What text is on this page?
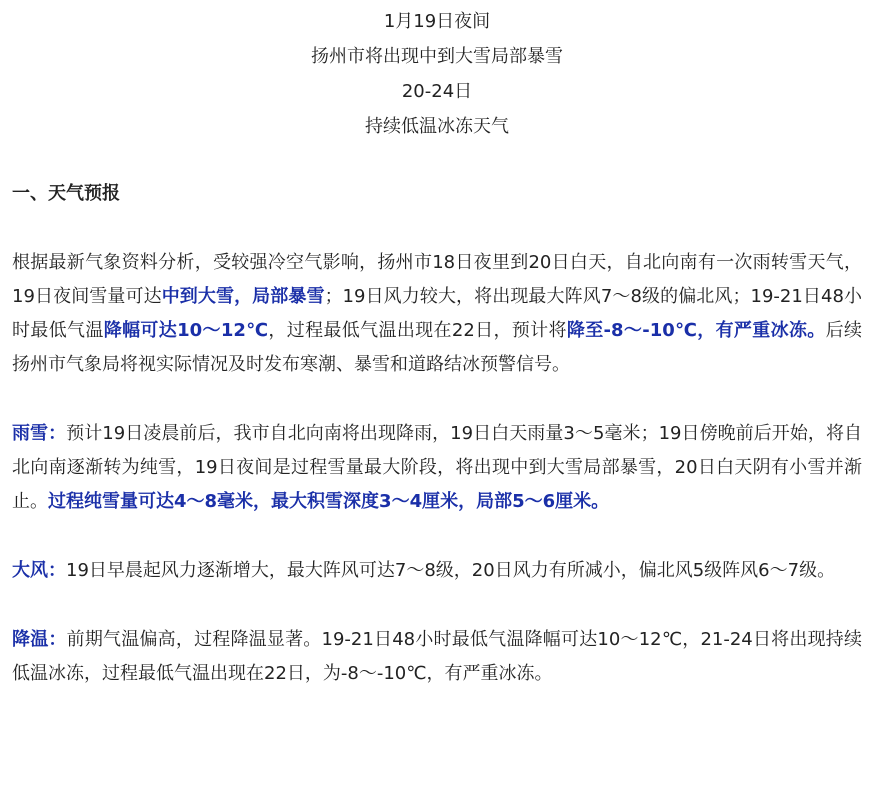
1月19日夜间
扬州市将出现中到大雪局部暴雪
20-24日
持续低温冰冻天气
一、天气预报

根据最新气象资料分析，受较强冷空气影响，扬州市18日夜里到20日白天，自北向南有一次雨转雪天气，19日夜间雪量可达中到大雪，局部暴雪；19日风力较大，将出现最大阵风7～8级的偏北风；19-21日48小时最低气温降幅可达10～12℃，过程最低气温出现在22日，预计将降至-8～-10℃，有严重冰冻。后续扬州市气象局将视实际情况及时发布寒潮、暴雪和道路结冰预警信号。

雨雪：预计19日凌晨前后，我市自北向南将出现降雨，19日白天雨量3～5毫米；19日傍晚前后开始，将自北向南逐渐转为纯雪，19日夜间是过程雪量最大阶段，将出现中到大雪局部暴雪，20日白天阴有小雪并渐止。过程纯雪量可达4～8毫米，最大积雪深度3～4厘米，局部5～6厘米。

大风：19日早晨起风力逐渐增大，最大阵风可达7～8级，20日风力有所减小，偏北风5级阵风6～7级。

降温：前期气温偏高，过程降温显著。19-21日48小时最低气温降幅可达10～12℃，21-24日将出现持续低温冰冻，过程最低气温出现在22日，为-8～-10℃，有严重冰冻。
